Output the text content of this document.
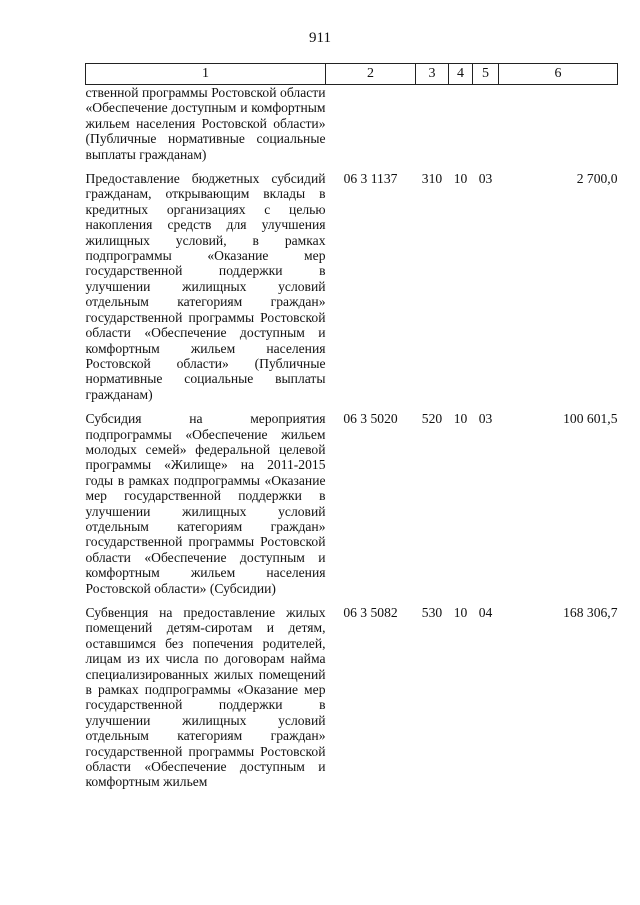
911
1	2	3	4	5	6
ственной программы Ростовской области «Обеспечение доступным и комфортным жильем населения Ростовской области» (Публичные нормативные социальные выплаты гражданам)					
Предоставление бюджетных субсидий гражданам, открывающим вклады в кредитных организациях с целью накопления средств для улучшения жилищных условий, в рамках подпрограммы «Оказание мер государственной поддержки в улучшении жилищных условий отдельным категориям граждан» государственной программы Ростовской области «Обеспечение доступным и комфортным жильем населения Ростовской области» (Публичные нормативные социальные выплаты гражданам)	06 3 1137	310	10	03	2 700,0
Субсидия на мероприятия подпрограммы «Обеспечение жильем молодых семей» федеральной целевой программы «Жилище» на 2011-2015 годы в рамках подпрограммы «Оказание мер государственной поддержки в улучшении жилищных условий отдельным категориям граждан» государственной программы Ростовской области «Обеспечение доступным и комфортным жильем населения Ростовской области» (Субсидии)	06 3 5020	520	10	03	100 601,5
Субвенция на предоставление жилых помещений детям-сиротам и детям, оставшимся без попечения родителей, лицам из их числа по договорам найма специализированных жилых помещений в рамках подпрограммы «Оказание мер государственной поддержки в улучшении жилищных условий отдельным категориям граждан» государственной программы Ростовской области «Обеспечение доступным и комфортным жильем	06 3 5082	530	10	04	168 306,7
